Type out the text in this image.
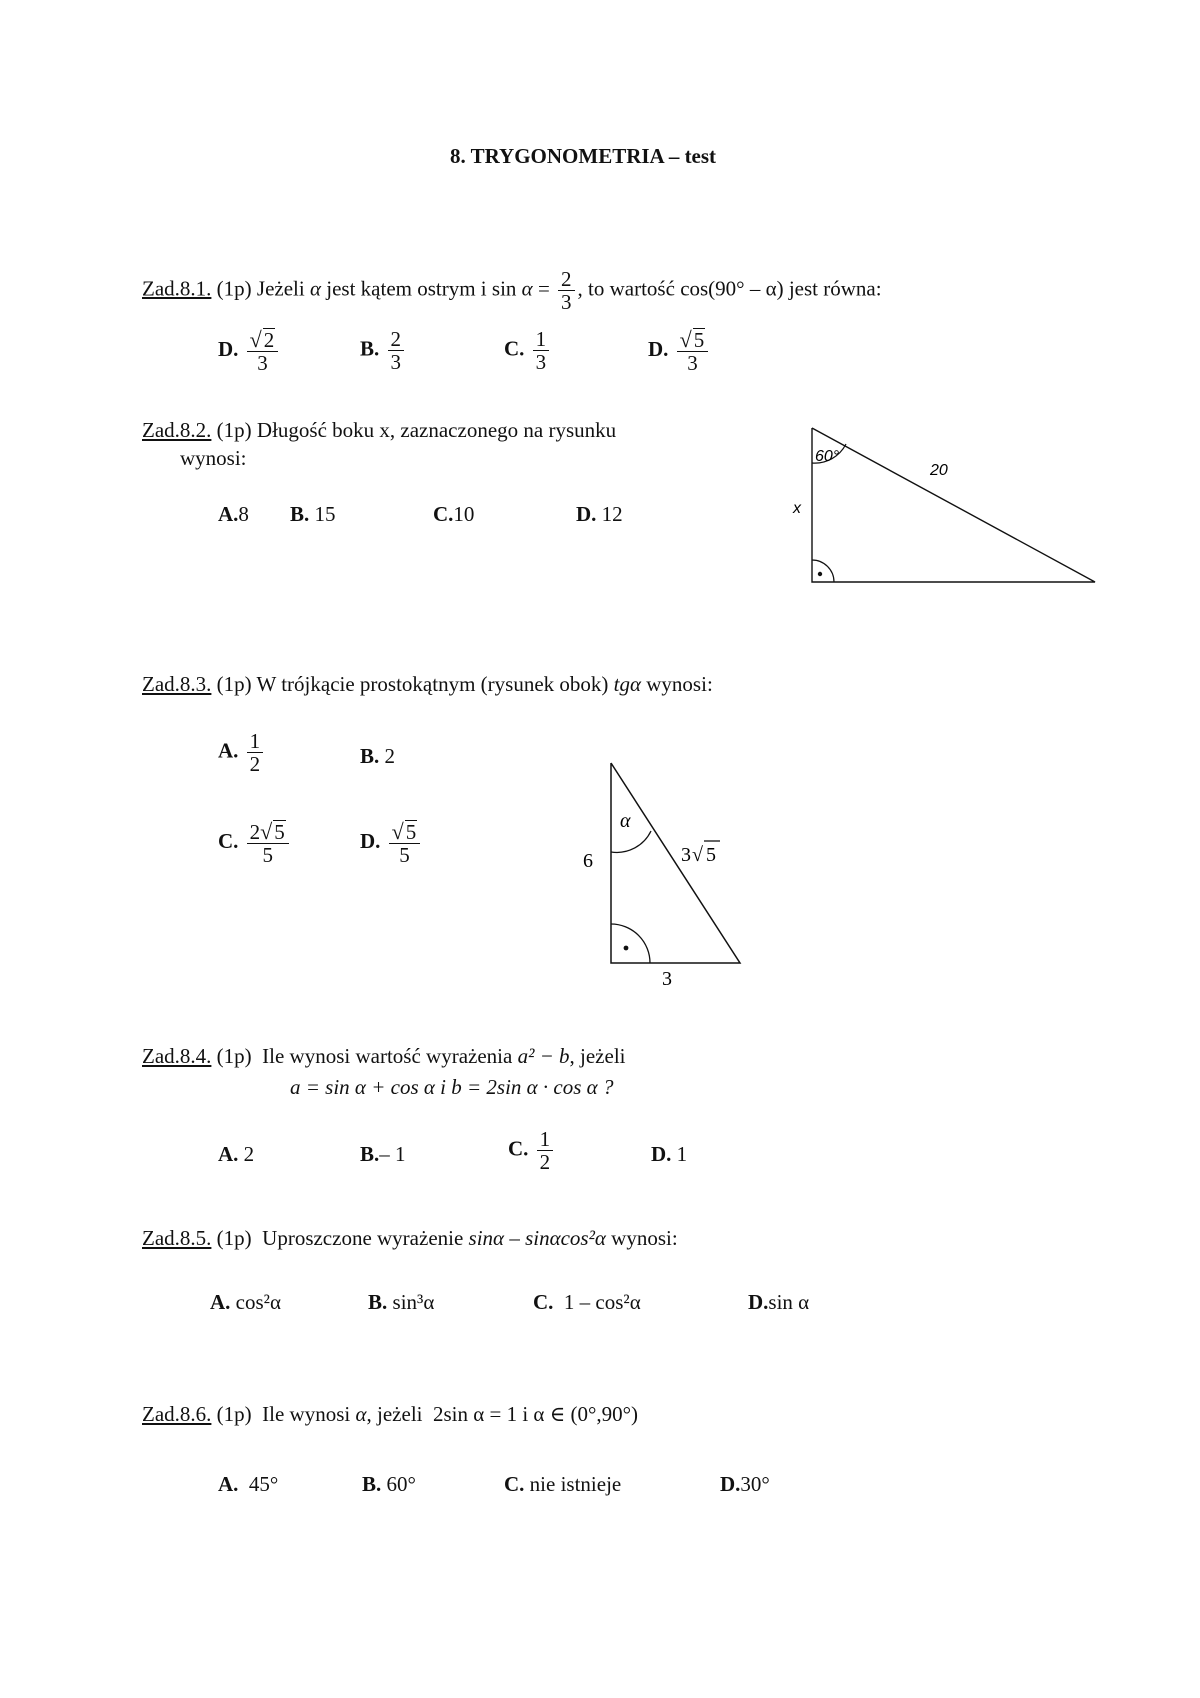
8. TRYGONOMETRIA – test
Zad.8.1. (1p) Jeżeli α jest kątem ostrym i $\sin \alpha = \frac{2}{3}$ , to wartość cos(90° – α) jest równa:
D. $\frac{√2}{3}$	B. $\frac{2}{3}$	C. $\frac{1}{3}$	D. $\frac{√5}{3}$
Zad.8.2. (1p) Długość boku x, zaznaczonego na rysunku
wynosi:
A.8 B. 15	C.10	D. 12
60°
20
x
Zad.8.3. (1p) W trójkącie prostokątnym (rysunek obok) tgα wynosi:
A. $\frac{1}{2}$	B. 2
C. $\frac{2√5}{5}$	D. $\frac{√5}{5}$	α
6
3
3 √ 5
Zad.8.4. (1p) Ile wynosi wartość wyrażenia a² − b, jeżeli
a = sin α + cos α i b = 2sin α · cos α ?
A. 2	B.– 1	C. $\frac{1}{2}$	D. 1
Zad.8.5. (1p) Uproszczone wyrażenie sinα – sinαcos²α wynosi:
A. cos²α	B. sin³α	C. 1 – cos²α	D.sin α
Zad.8.6. (1p) Ile wynosi α, jeżeli 2sin α = 1 i α ∈ (0°,90°)
A. 45°	B. 60°	C. nie istnieje	D.30°
